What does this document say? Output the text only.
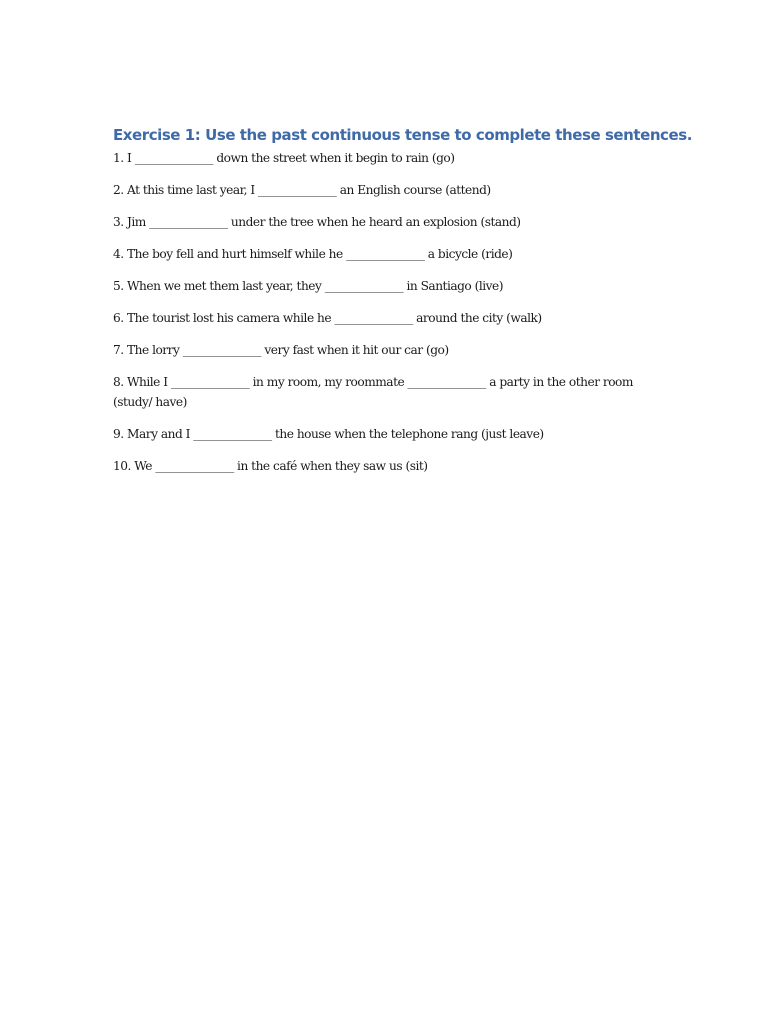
Exercise 1: Use the past continuous tense to complete these sentences.
1. I ______________ down the street when it begin to rain (go)
2. At this time last year, I ______________ an English course (attend)
3. Jim ______________ under the tree when he heard an explosion (stand)
4. The boy fell and hurt himself while he ______________ a bicycle (ride)
5. When we met them last year, they ______________ in Santiago (live)
6. The tourist lost his camera while he ______________ around the city (walk)
7. The lorry ______________ very fast when it hit our car (go)
8. While I ______________ in my room, my roommate ______________ a party in the other room (study/ have)
9. Mary and I ______________ the house when the telephone rang (just leave)
10. We ______________ in the café when they saw us (sit)
